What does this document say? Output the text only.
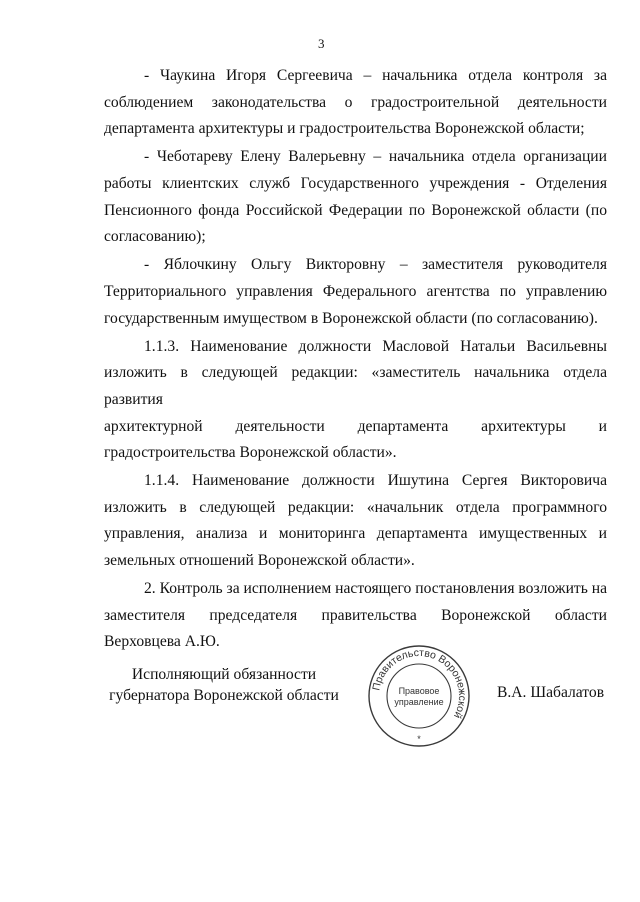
3
- Чаукина Игоря Сергеевича – начальника отдела контроля за
соблюдением законодательства о градостроительной деятельности
департамента архитектуры и градостроительства Воронежской области;
- Чеботареву Елену Валерьевну – начальника отдела организации
работы клиентских служб Государственного учреждения - Отделения
Пенсионного фонда Российской Федерации по Воронежской области (по
согласованию);
- Яблочкину Ольгу Викторовну – заместителя руководителя
Территориального управления Федерального агентства по управлению
государственным имуществом в Воронежской области (по согласованию).
1.1.3. Наименование должности Масловой Натальи Васильевны
изложить в следующей редакции: «заместитель начальника отдела развития
архитектурной деятельности департамента архитектуры и
градостроительства Воронежской области».
1.1.4. Наименование должности Ишутина Сергея Викторовича
изложить в следующей редакции: «начальник отдела программного
управления, анализа и мониторинга департамента имущественных и
земельных отношений Воронежской области».
2. Контроль за исполнением настоящего постановления возложить на
заместителя председателя правительства Воронежской области
Верховцева А.Ю.
Исполняющий обязанности
губернатора Воронежской области
Правительство Воронежской
Правовое
управление
*
В.А. Шабалатов
